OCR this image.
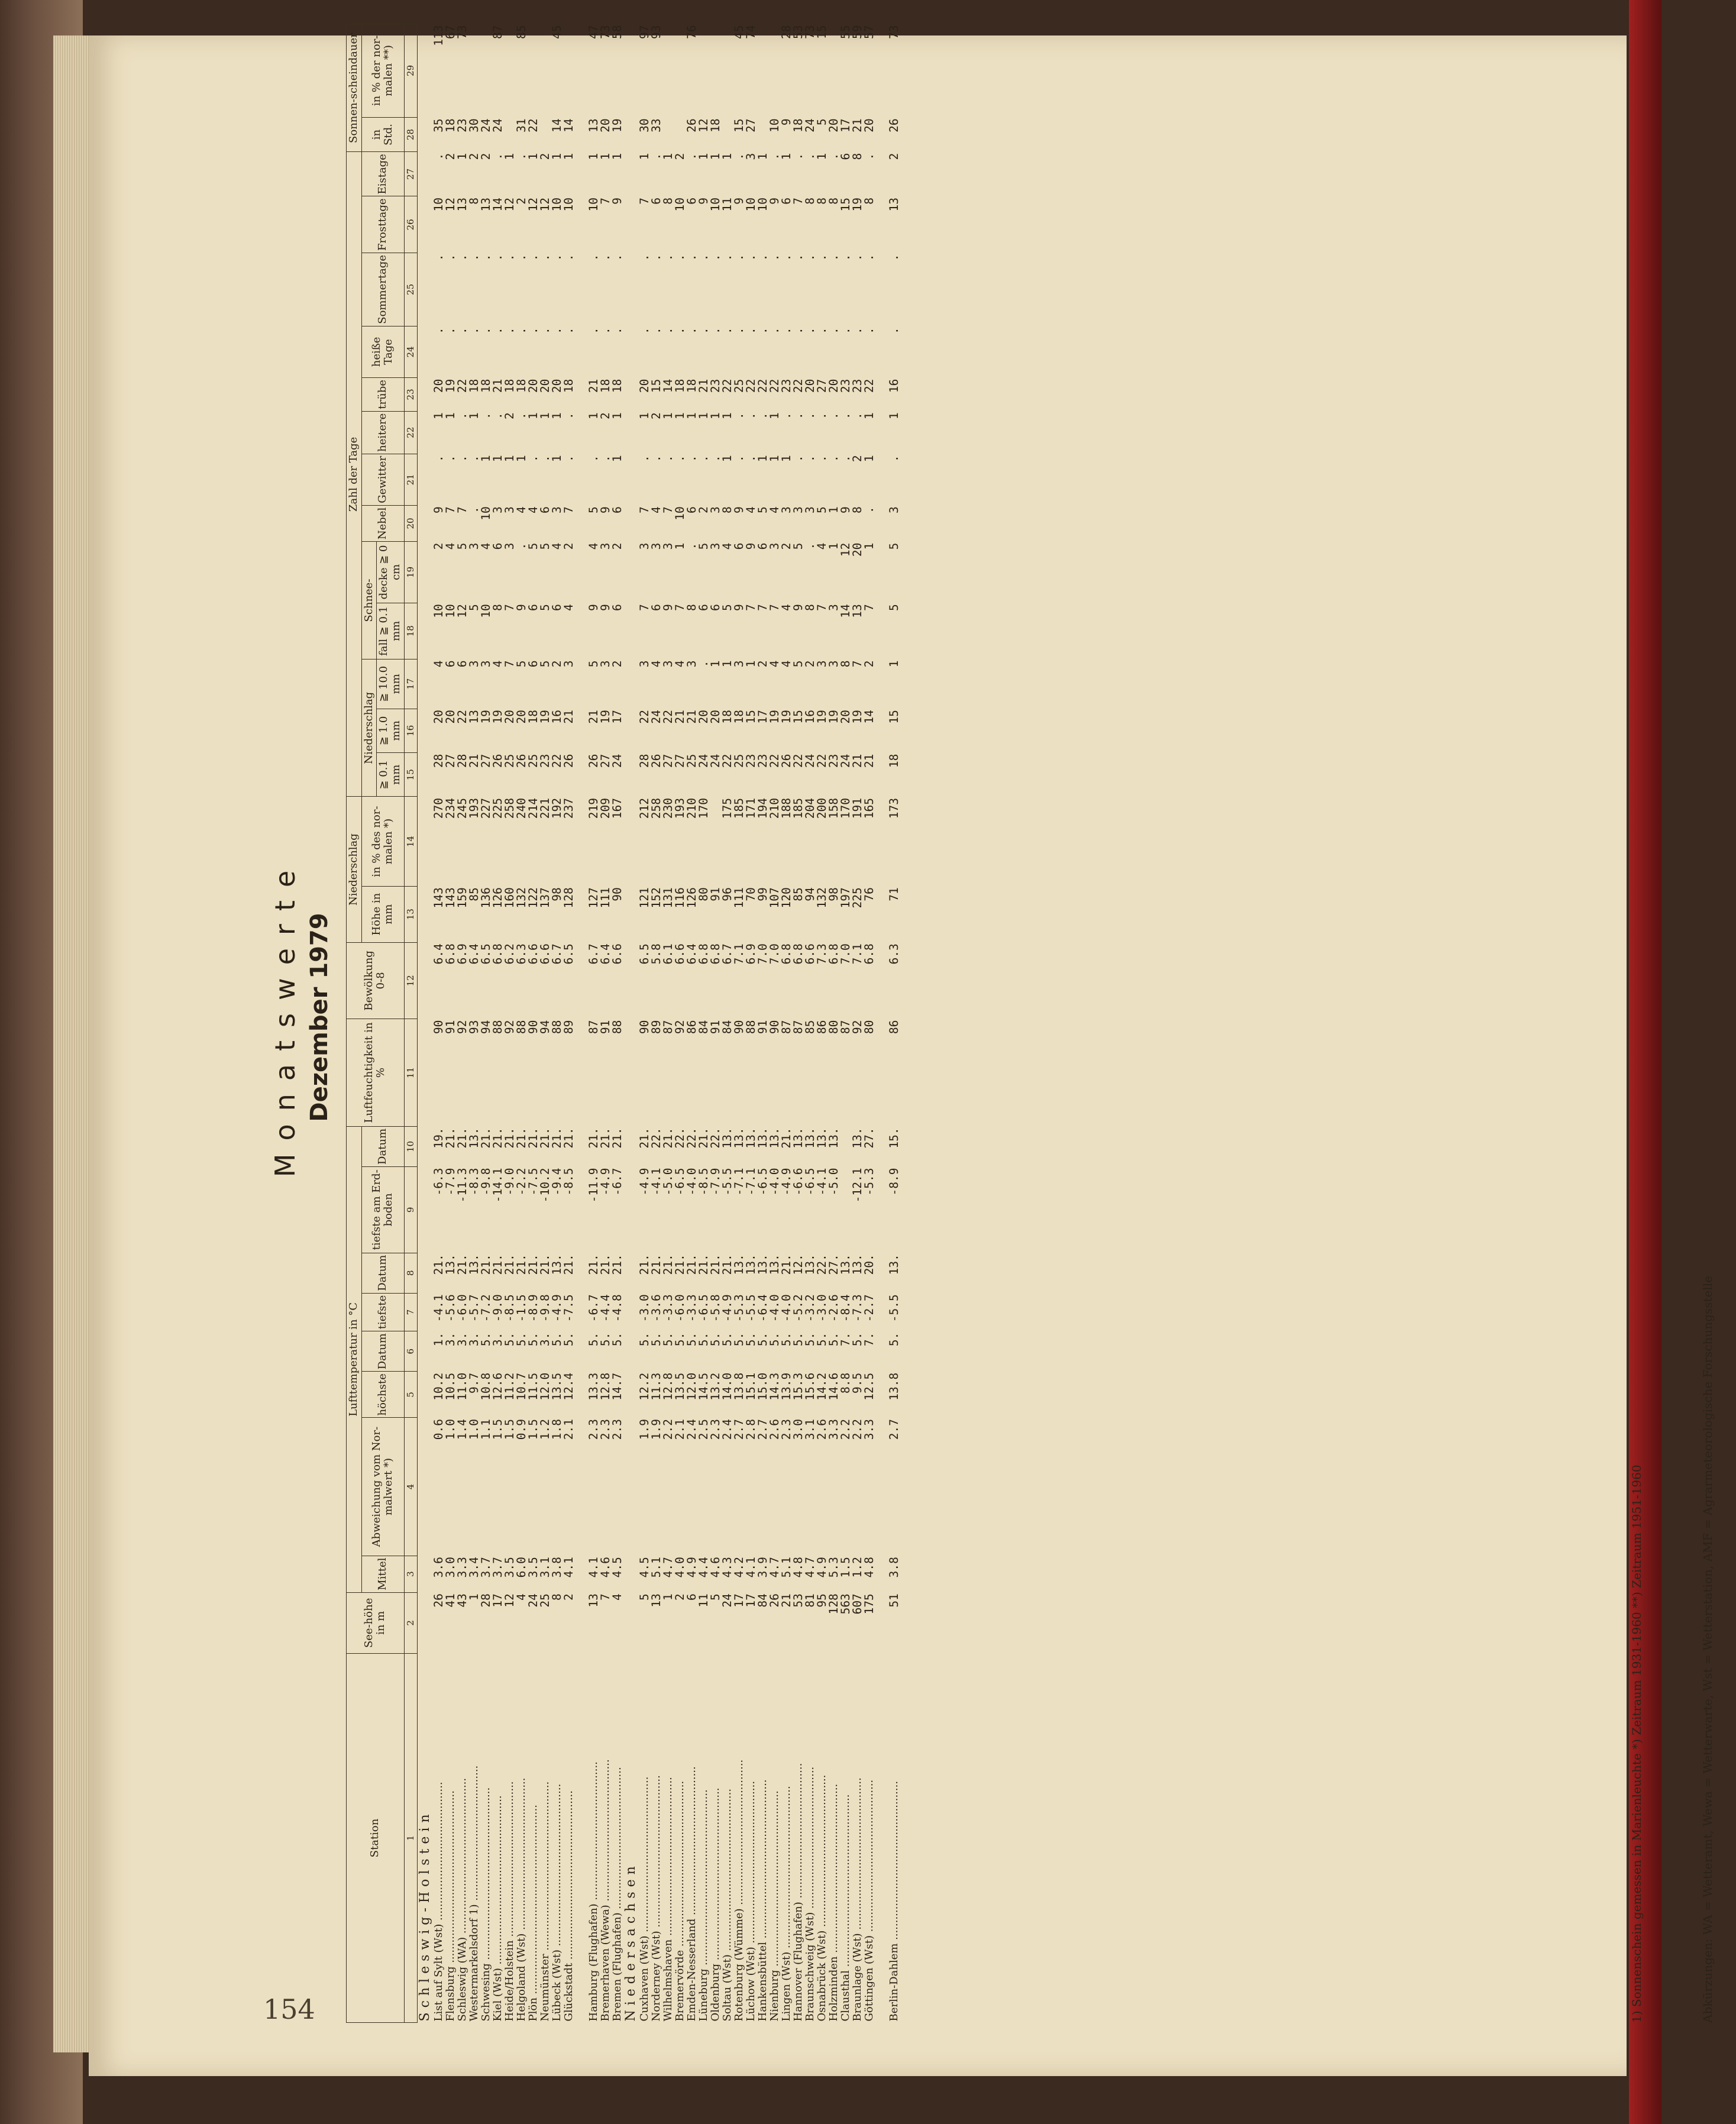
154
Monatswerte Dezember 1979
Station	See-höhe in m	Lufttemperatur in °C								Luftfeuchtigkeit in %	Bewölkung 0-8	Niederschlag		Zahl der Tage													Sonnen-scheindauer	
		Mittel	Abweichung vom Nor-malwert *)	höchste	Datum	tiefste	Datum	tiefste am Erd-boden	Datum			Höhe in mm	in % des nor-malen *)	Niederschlag			Schnee-		Nebel	Gewitter	heitere	trübe	heiße Tage	Sommertage	Frosttage	Eistage	in Std.	in % der nor-malen **)
														≧ 0.1 mm	≧ 1.0 mm	≧ 10.0 mm	fall ≧ 0.1 mm	decke ≧ 0 cm										
1	2	3	4	5	6	7	8	9	10	11	12	13	14	15	16	17	18	19	20	21	22	23	24	25	26	27	28	29
Schleswig-Holstein																												
List auf Sylt (Wst) .........................................	26	3.6	0.6	10.2	1.	-4.1	21.	-6.3	19.	90	6.4	143	270	28	20	4	10	2	9	.	1	20	.	.	10	.	35	113
Flensburg ...................................................	41	3.0	1.0	10.5	3.	-5.6	13.	-7.9	21.	91	6.8	143	234	27	20	6	10	4	7	.	1	19	.	.	12	2	18	67
Schleswig (WA) ..............................................	43	3.3	1.4	11.0	3.	-6.0	21.	-11.3	21.	92	6.9	159	245	28	22	6	12	5	7	.	.	22	.	.	13	1	23	73
Westermarkelsdorf 1) ........................................	1	3.4	1.0	9.7	3.	-5.7	13.	-8.3	13.	93	6.4	85	193	21	13	3	5	3	.	.	1	18	.	.	8	2	30	
Schwesing ...................................................	28	3.7	1.1	10.8	5.	-7.2	21.	-9.8	21.	94	6.5	136	227	27	19	3	10	4	10	1	.	18	.	.	13	2	24	
Kiel (Wst) ..................................................	17	3.7	1.5	12.6	3.	-9.0	21.	-14.1	21.	88	6.8	126	225	26	19	4	8	6	3	1	.	21	.	.	14	.	24	87
Heide/Holstein ..............................................	12	3.5	1.5	11.2	5.	-8.5	21.	-9.0	21.	92	6.2	160	258	25	20	7	7	3	3	1	2	18	.	.	12	1		
Helgoland (Wst) .............................................	4	6.0	0.9	10.7	5.	-1.5	21.	-2.2	21.	88	6.3	132	240	26	20	5	9	.	4	1	.	18	.	.	2	.	31	85
Plön ........................................................	24	3.5	1.5	11.5	5.	-8.9	21.	-7.5	21.	90	6.6	122	214	25	18	6	6	5	4	.	1	20	.	.	12	1	22	
Neumünster ..................................................	25	3.1	1.2	12.0	3.	-9.8	21.	-10.2	21.	94	6.6	137	221	23	19	5	5	5	6	.	1	20	.	.	12	2		
Lübeck (Wst) ................................................	8	3.8	1.8	13.5	5.	-4.9	13.	-9.4	21.	88	6.7	98	192	22	16	2	6	4	3	1	1	20	.	.	10	1	14	45
Glückstadt ..................................................	2	4.1	2.1	12.4	5.	-7.5	21.	-8.5	21.	89	6.5	128	237	26	21	3	4	2	7	.	.	18	.	.	10	1	14	

Hamburg (Flughafen) .........................................	13	4.1	2.3	13.3	5.	-6.7	21.	-11.9	21.	87	6.7	127	219	26	21	5	9	4	5	.	1	21	.	.	10	1	13	47
Bremerhaven (Wewa) ..........................................	7	4.6	2.3	12.8	5.	-4.4	21.	-4.9	21.	91	6.4	111	209	27	19	3	9	3	9	.	2	18	.	.	7	1	20	73
Bremen (Flughafen) ..........................................	4	4.5	2.3	14.7	5.	-4.8	21.	-6.7	21.	88	6.6	90	167	24	17	2	6	2	6	1	1	18	.	.	9	1	19	58
Niedersachsen																												
Cuxhaven (Wst) ..............................................	5	4.5	1.9	12.2	5.	-3.0	21.	-4.9	21.	90	6.5	121	212	28	22	3	7	3	7	.	1	20	.	.	7	1	30	97
Norderney (Wst) .............................................	13	5.1	1.9	11.3	5.	-3.6	21.	-4.1	22.	89	5.8	152	258	26	24	4	6	3	4	.	2	15	.	.	6	.	33	93
Wilhelmshaven ...............................................	1	4.7	2.2	12.8	5.	-3.3	21.	-5.0	21.	87	6.1	131	230	27	22	3	9	3	7	.	1	14	.	.	8	1		
Bremervörde .................................................	2	4.0	2.1	13.5	5.	-6.0	21.	-6.5	22.	92	6.6	116	193	27	21	4	7	1	10	.	1	18	.	.	10	2		
Emden-Nesserland ............................................	6	4.9	2.4	12.0	5.	-3.3	21.	-4.0	22.	86	6.4	126	210	25	21	3	8	.	6	.	1	18	.	.	6	.	26	76
Lüneburg ....................................................	11	4.4	2.5	14.5	5.	-6.5	21.	-8.5	21.	84	6.8	80	170	24	20	.	6	5	2	.	1	21	.	.	9	1	12	
Oldenburg ...................................................	5	4.6	2.3	13.2	5.	-5.8	21.	-7.9	22.	91	6.8	91		24	20	1	6	3	3	.	1	23	.	.	10	1	18	
Soltau (Wst) ................................................	24	4.3	2.4	14.0	5.	-4.9	21.	-5.5	13.	84	6.7	96	175	22	18	1	5	4	8	1	1	22	.	.	11	1		
Rotenburg (Wümme) ...........................................	17	4.2	2.7	13.8	5.	-5.3	13.	-7.1	13.	90	7.1	111	185	25	18	3	9	6	9	.	.	25	.	.	9	.	15	45
Lüchow (Wst) ................................................	17	4.1	2.8	15.1	5.	-5.5	13.	-7.1	13.	88	6.9	70	171	23	15	1	7	9	4	.	.	22	.	.	10	3	27	74
Hankensbüttel ...............................................	84	3.9	2.7	15.0	5.	-6.4	13.	-6.5	13.	91	7.0	99	194	23	17	2	7	6	5	1	.	22	.	.	10	1		
Nienburg ....................................................	26	4.7	2.6	14.3	5.	-4.0	13.	-4.0	13.	90	7.0	107	210	22	19	4	7	3	4	1	1	22	.	.	9	.	10	
Lingen (Wst) ................................................	21	5.1	2.3	13.9	5.	-4.0	21.	-4.9	21.	87	6.8	120	188	26	19	4	4	2	3	1	.	23	.	.	6	1	9	28
Hannover (Flughafen) ........................................	53	4.8	3.0	15.3	5.	-5.2	12.	-6.6	13.	87	6.8	85	185	22	15	5	9	5	3	.	.	22	.	.	7	.	18	53
Braunschweig (Wst) ..........................................	81	4.7	3.1	15.6	5.	-3.2	13.	-6.5	13.	85	6.6	94	204	24	16	2	8	.	3	.	.	20	.	.	8	.	24	73
Osnabrück (Wst) .............................................	95	4.9	2.6	14.2	5.	-3.0	22.	-4.1	13.	86	7.3	132	200	22	19	3	7	4	5	.	.	27	.	.	8	1	5	15
Holzminden ..................................................	128	5.3	3.3	14.6	5.	-2.6	27.	-5.0	13.	80	6.8	98	158	23	19	3	3	1	1	.	.	20	.	.	8	.	20	
Clausthal ...................................................	563	1.5	2.2	8.8	7.	-8.4	13.			87	7.0	197	170	24	20	8	14	12	9	.	.	23	.	.	15	6	17	55
Braunlage (Wst) .............................................	607	1.2	2.2	9.5	5.	-7.3	13.	-12.1	13.	92	7.1	225	191	21	19	7	13	20	8	2	.	23	.	.	19	8	21	59
Göttingen (Wst) .............................................	175	4.8	3.3	12.5	7.	-2.7	20.	-5.3	27.	80	6.8	76	165	21	14	2	7	1	.	1	1	22	.	.	8	.	20	57

Berlin-Dahlem ...............................................	51	3.8	2.7	13.8	5.	-5.5	13.	-8.9	15.	86	6.3	71	173	18	15	1	5	5	3	.	1	16	.	.	13	2	26	73
1) Sonnenschein gemessen in Marienleuchte *) Zeitraum 1931-1960 **) Zeitraum 1951-1960	Abkürzungen: WA = Wetteramt, Wewa = Wetterwarte, Wst = Wetterstation, AMF = Agrarmeteorologische Forschungsstelle
